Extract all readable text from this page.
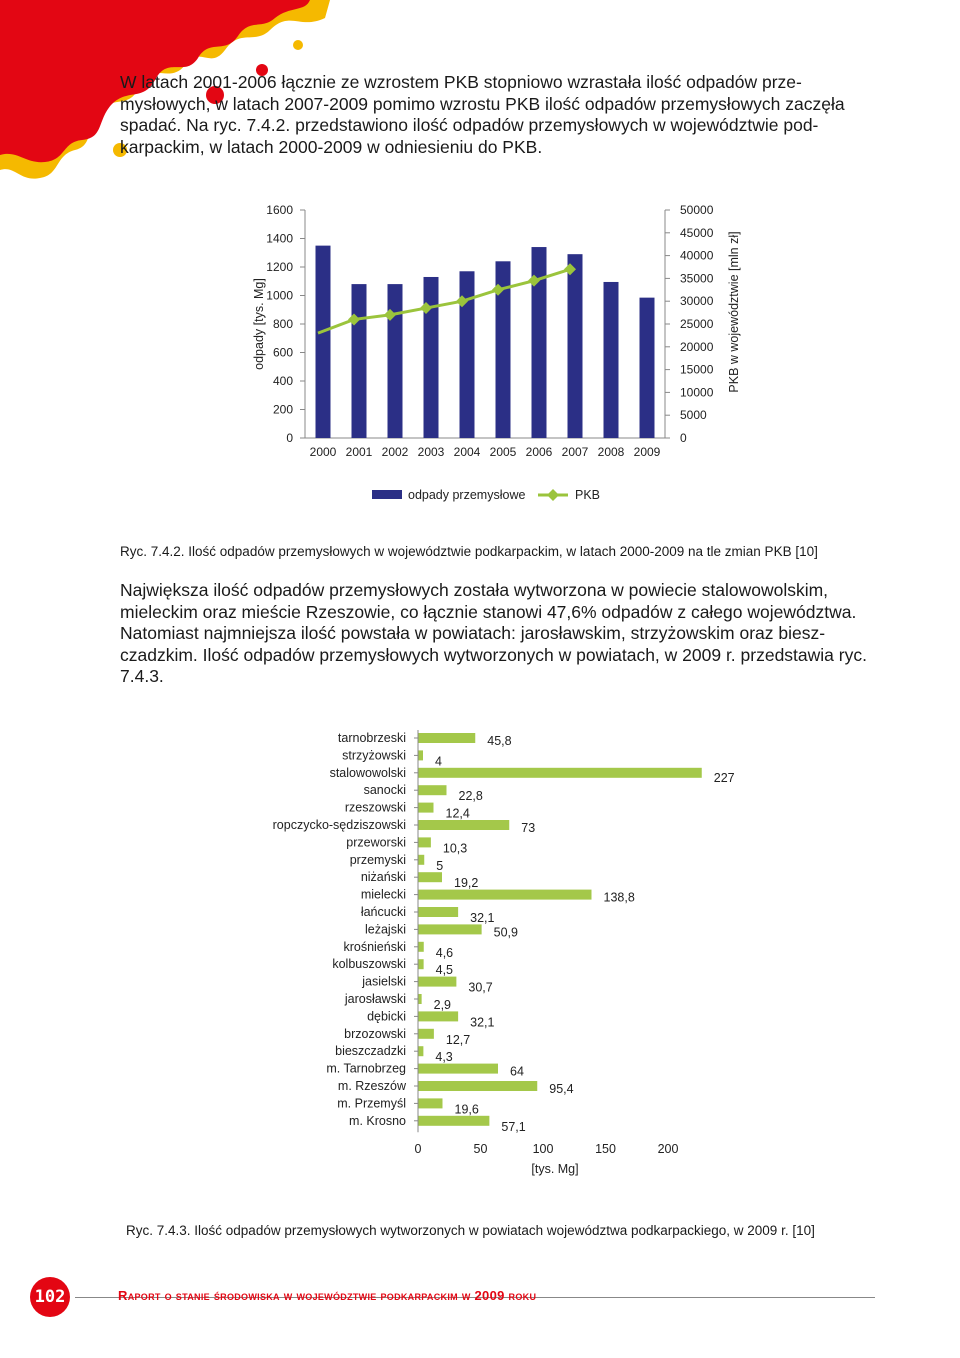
W latach 2001-2006 łącznie ze wzrostem PKB stopniowo wzrastała ilość odpadów prze-
mysłowych, w latach 2007-2009 pomimo wzrostu PKB ilość odpadów przemysłowych zaczęła
spadać. Na ryc. 7.4.2. przedstawiono ilość odpadów przemysłowych w województwie pod-
karpackim, w latach 2000-2009 w odniesieniu do PKB.
0
200
400
600
800
1000
1200
1400
1600
0
5000
10000
15000
20000
25000
30000
35000
40000
45000
50000
2000 2001 2002 2003 2004 2005 2006 2007 2008 2009
odpady [tys. Mg]	PKB w województwie [mln zł]
odpady przemysłowe	PKB
Ryc. 7.4.2. Ilość odpadów przemysłowych w województwie podkarpackim, w latach 2000-2009 na tle zmian PKB [10]
Największa ilość odpadów przemysłowych została wytworzona w powiecie stalowowolskim,
mieleckim oraz mieście Rzeszowie, co łącznie stanowi 47,6% odpadów z całego województwa.
Natomiast najmniejsza ilość powstała w powiatach: jarosławskim, strzyżowskim oraz biesz-
czadzkim. Ilość odpadów przemysłowych wytworzonych w powiatach, w 2009 r. przedstawia ryc.
7.4.3.
tarnobrzeski
strzyżowski
stalowowolski
sanocki
rzeszowski
ropczycko-sędziszowski
przeworski
przemyski
niżański
mielecki
łańcucki
leżajski
krośnieński
kolbuszowski
jasielski
jarosławski
dębicki
brzozowski
bieszczadzki
m. Tarnobrzeg
m. Rzeszów
m. Przemyśl
m. Krosno
45,8
4
227
22,8
12,4
73
10,3
5
19,2
138,8
32,1
50,9
4,6
4,5
30,7
2,9
32,1
12,7
4,3
64
95,4
19,6
57,1
0	50	100	150	200
[tys. Mg]
Ryc. 7.4.3. Ilość odpadów przemysłowych wytworzonych w powiatach województwa podkarpackiego, w 2009 r. [10]
102	Raport o stanie środowiska w województwie podkarpackim w 2009 roku
